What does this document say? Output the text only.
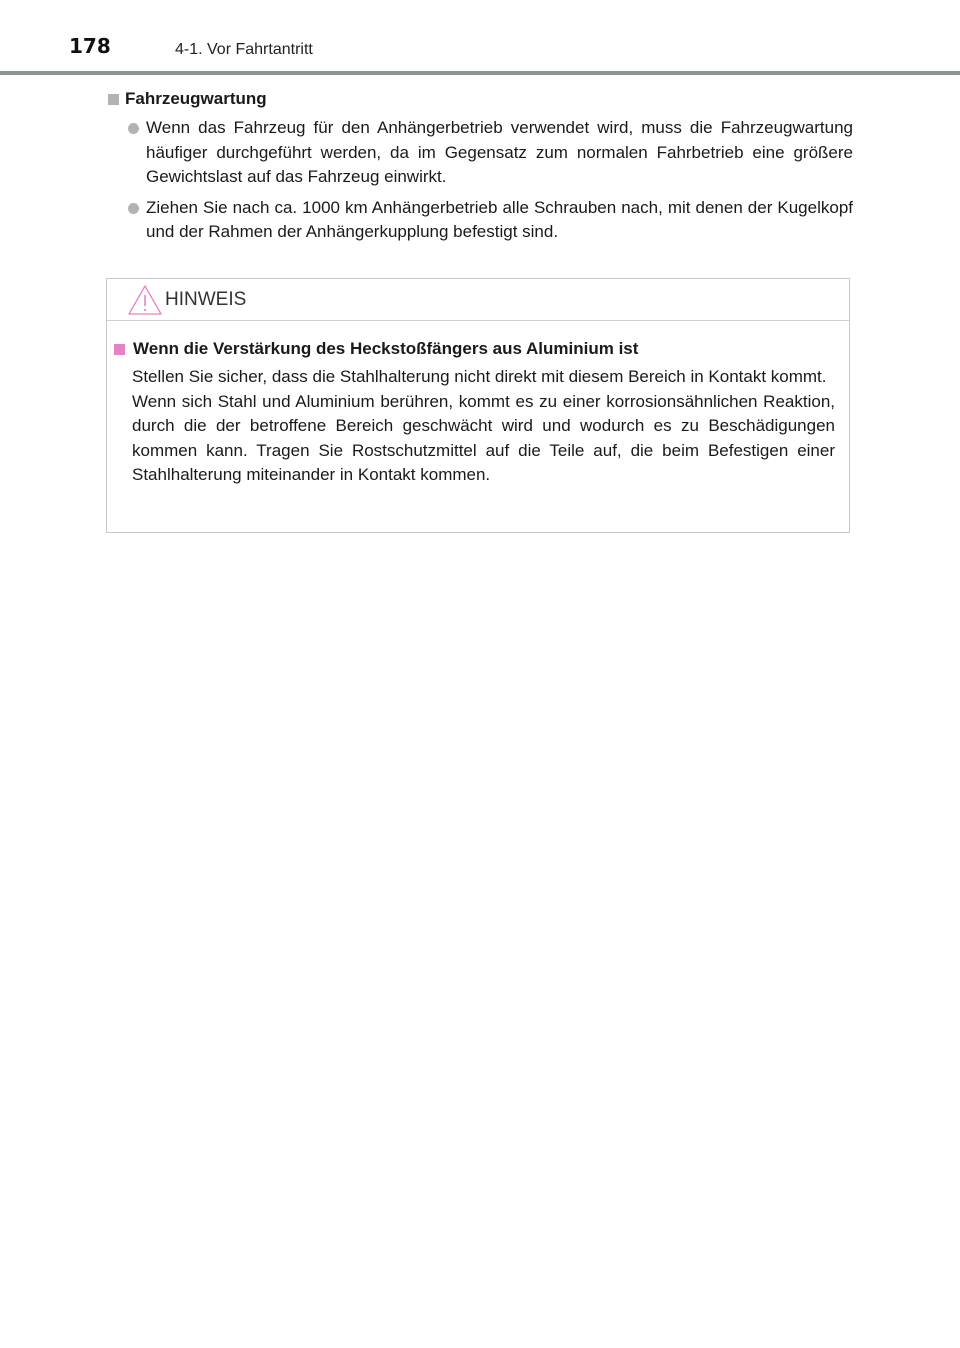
178	4-1. Vor Fahrtantritt
Fahrzeugwartung
Wenn das Fahrzeug für den Anhängerbetrieb verwendet wird, muss die Fahrzeugwartung häufiger durchgeführt werden, da im Gegensatz zum normalen Fahrbetrieb eine größere Gewichtslast auf das Fahrzeug einwirkt.
Ziehen Sie nach ca. 1000 km Anhängerbetrieb alle Schrauben nach, mit denen der Kugelkopf und der Rahmen der Anhängerkupplung befestigt sind.
HINWEIS
Wenn die Verstärkung des Heckstoßfängers aus Aluminium ist
Stellen Sie sicher, dass die Stahlhalterung nicht direkt mit diesem Bereich in Kontakt kommt.
Wenn sich Stahl und Aluminium berühren, kommt es zu einer korrosionsähnlichen Reaktion, durch die der betroffene Bereich geschwächt wird und wodurch es zu Beschädigungen kommen kann. Tragen Sie Rostschutzmittel auf die Teile auf, die beim Befestigen einer Stahlhalterung miteinander in Kontakt kommen.
